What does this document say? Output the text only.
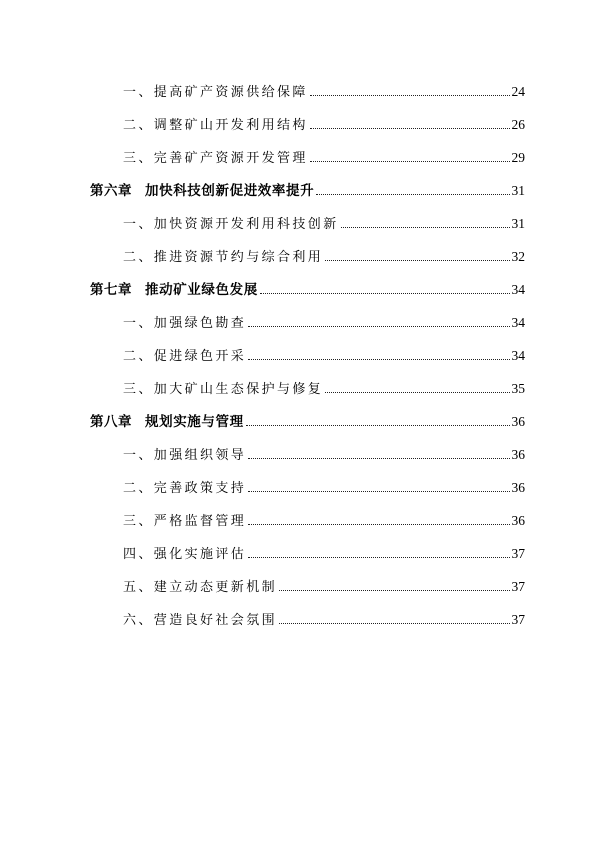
一、提高矿产资源供给保障	24
二、调整矿山开发利用结构	26
三、完善矿产资源开发管理	29
第六章 加快科技创新促进效率提升	31
一、加快资源开发利用科技创新	31
二、推进资源节约与综合利用	32
第七章 推动矿业绿色发展	34
一、加强绿色勘查	34
二、促进绿色开采	34
三、加大矿山生态保护与修复	35
第八章 规划实施与管理	36
一、加强组织领导	36
二、完善政策支持	36
三、严格监督管理	36
四、强化实施评估	37
五、建立动态更新机制	37
六、营造良好社会氛围	37
